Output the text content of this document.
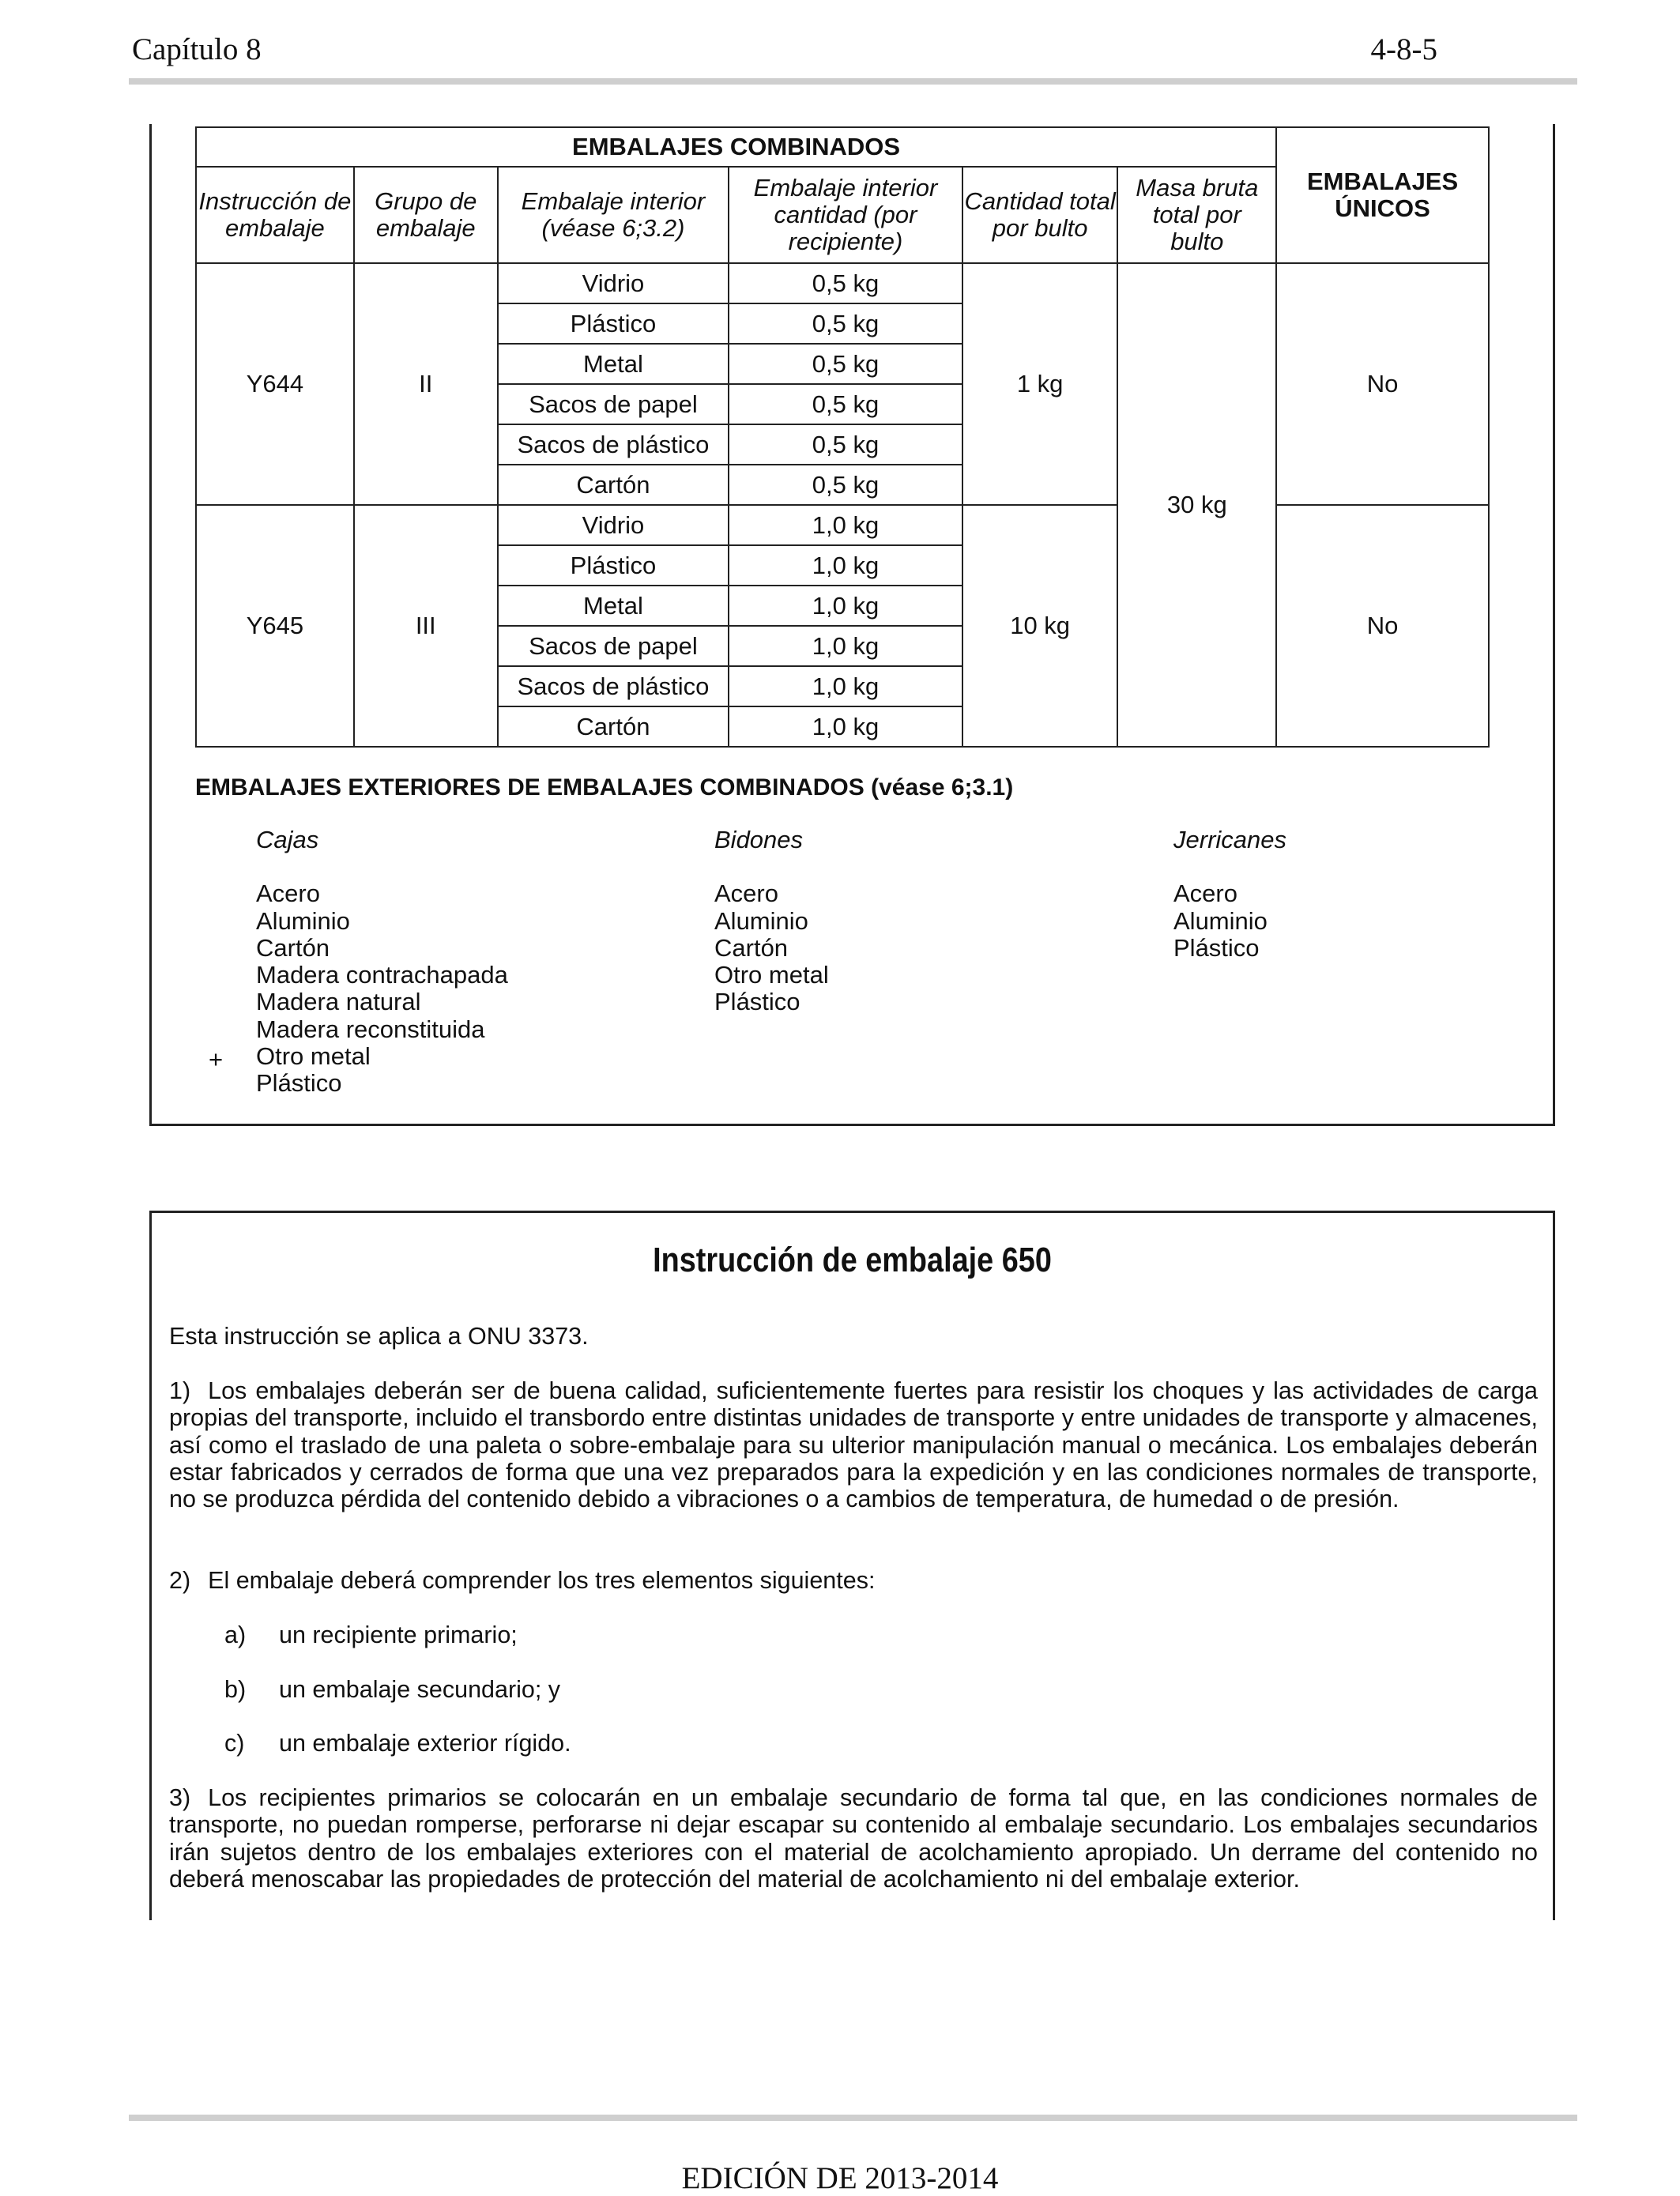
Capítulo 8	4-8-5
EMBALAJES COMBINADOS						EMBALAJES ÚNICOS
Instrucción de embalaje	Grupo de embalaje	Embalaje interior (véase 6;3.2)	Embalaje interior cantidad (por recipiente)	Cantidad total por bulto	Masa bruta total por bulto	
Y644	II	Vidrio	0,5 kg	1 kg	30 kg	No
		Plástico	0,5 kg			
		Metal	0,5 kg			
		Sacos de papel	0,5 kg			
		Sacos de plástico	0,5 kg			
		Cartón	0,5 kg			
Y645	III	Vidrio	1,0 kg	10 kg		No
		Plástico	1,0 kg			
		Metal	1,0 kg			
		Sacos de papel	1,0 kg			
		Sacos de plástico	1,0 kg			
		Cartón	1,0 kg			
EMBALAJES EXTERIORES DE EMBALAJES COMBINADOS (véase 6;3.1)
Cajas
Acero
Aluminio
Cartón
Madera contrachapada
Madera natural
Madera reconstituida
Otro metal
Plástico
+
Bidones
Acero
Aluminio
Cartón
Otro metal
Plástico
Jerricanes
Acero
Aluminio
Plástico
Instrucción de embalaje 650
Esta instrucción se aplica a ONU 3373.
1) Los embalajes deberán ser de buena calidad, suficientemente fuertes para resistir los choques y las actividades de carga propias del transporte, incluido el transbordo entre distintas unidades de transporte y entre unidades de transporte y almacenes, así como el traslado de una paleta o sobre-embalaje para su ulterior manipulación manual o mecánica. Los embalajes deberán estar fabricados y cerrados de forma que una vez preparados para la expedición y en las condiciones normales de transporte, no se produzca pérdida del contenido debido a vibraciones o a cambios de temperatura, de humedad o de presión.
2) El embalaje deberá comprender los tres elementos siguientes:
a) un recipiente primario;
b) un embalaje secundario; y
c) un embalaje exterior rígido.
3) Los recipientes primarios se colocarán en un embalaje secundario de forma tal que, en las condiciones normales de transporte, no puedan romperse, perforarse ni dejar escapar su contenido al embalaje secundario. Los embalajes secundarios irán sujetos dentro de los embalajes exteriores con el material de acolchamiento apropiado. Un derrame del contenido no deberá menoscabar las propiedades de protección del material de acolchamiento ni del embalaje exterior.
EDICIÓN DE 2013-2014
